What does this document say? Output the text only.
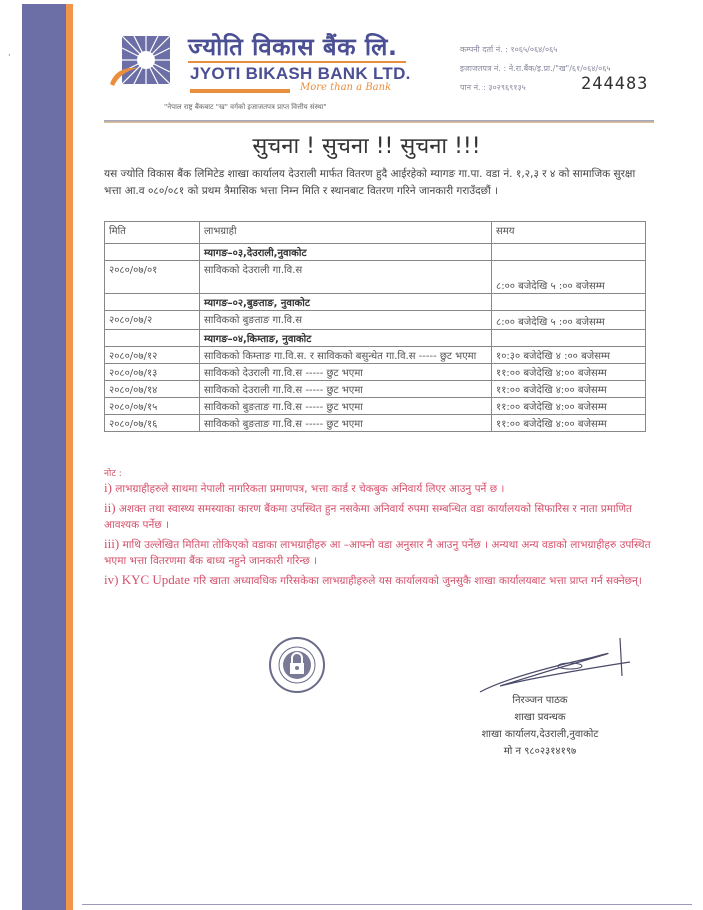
,	ज्योति विकास बैंक लि.
JYOTI BIKASH BANK LTD.
More than a Bank
"नेपाल राष्ट्र बैंकबाट "ख" वर्गको इजाजतपत्र प्राप्त वित्तीय संस्था"
कम्पनी दर्ता नं. : १०६५/०६४/०६५
इजाजतपत्र नं. : ने.रा.बैंक/इ.प्रा./"ख"/६१/०६४/०६५
पान नं. : ३०२९६९१३५	244483
सुचना ! सुचना !! सुचना !!!
यस ज्योति विकास बैंक लिमिटेड शाखा कार्यालय देउराली मार्फत वितरण हुदै आईरहेको म्यागङ गा.पा. वडा नं. १,२,३ र ४ को सामाजिक सुरक्षा भत्ता आ.व ०८०/०८१ को प्रथम त्रैमासिक भत्ता निम्न मिति र स्थानबाट वितरण गरिने जानकारी गराउँदछौं ।
मिति	लाभग्राही	समय
	म्यागङ–०३,देउराली,नुवाकोट	
२०८०/०७/०१	साविकको देउराली गा.वि.स	८:०० बजेदेखि ५ :०० बजेसम्म
	म्यागङ–०२,बुङताङ, नुवाकोट	
२०८०/०७/२	साविकको बुङताङ गा.वि.स	८:०० बजेदेखि ५ :०० बजेसम्म
	म्यागङ–०४,किम्ताङ, नुवाकोट	
२०८०/०७/१२	साविकको किम्ताङ गा.वि.स. र साविकको बसुन्धेत गा.वि.स ----- छुट भएमा	१०:३० बजेदेखि ४ :०० बजेसम्म
२०८०/०७/१३	साविकको देउराली गा.वि.स ----- छुट भएमा	११:०० बजेदेखि ४:०० बजेसम्म
२०८०/०७/१४	साविकको देउराली गा.वि.स ----- छुट भएमा	११:०० बजेदेखि ४:०० बजेसम्म
२०८०/०७/१५	साविकको बुङताङ गा.वि.स ----- छुट भएमा	११:०० बजेदेखि ४:०० बजेसम्म
२०८०/०७/१६	साविकको बुङताङ गा.वि.स ----- छुट भएमा	११:०० बजेदेखि ४:०० बजेसम्म
नोट :

i) लाभग्राहीहरुले साथमा नेपाली नागरिकता प्रमाणपत्र, भत्ता कार्ड र चेकबुक अनिवार्य लिएर आउनु पर्ने छ ।

ii) अशक्त तथा स्वास्थ्य समस्याका कारण बैंकमा उपस्थित हुन नसकेमा अनिवार्य रुपमा सम्बन्धित वडा कार्यालयको सिफारिस र नाता प्रमाणित आवश्यक पर्नेछ ।

iii) माथि उल्लेखित मितिमा तोकिएको वडाका लाभग्राहीहरु आ –आफ्नो वडा अनुसार नै आउनु पर्नेछ । अन्यथा अन्य वडाको लाभग्राहीहरु उपस्थित भएमा भत्ता वितरणमा बैंक बाध्य नहुने जानकारी गरिन्छ ।

iv) KYC Update गरि खाता अध्यावधिक गरिसकेका लाभग्राहीहरुले यस कार्यालयको जुनसुकै शाखा कार्यालयबाट भत्ता प्राप्त गर्न सक्नेछन्।

निरञ्जन पाठक
शाखा प्रवन्धक
शाखा कार्यालय,देउराली,नुवाकोट
मो न ९८०२३१४१९७
